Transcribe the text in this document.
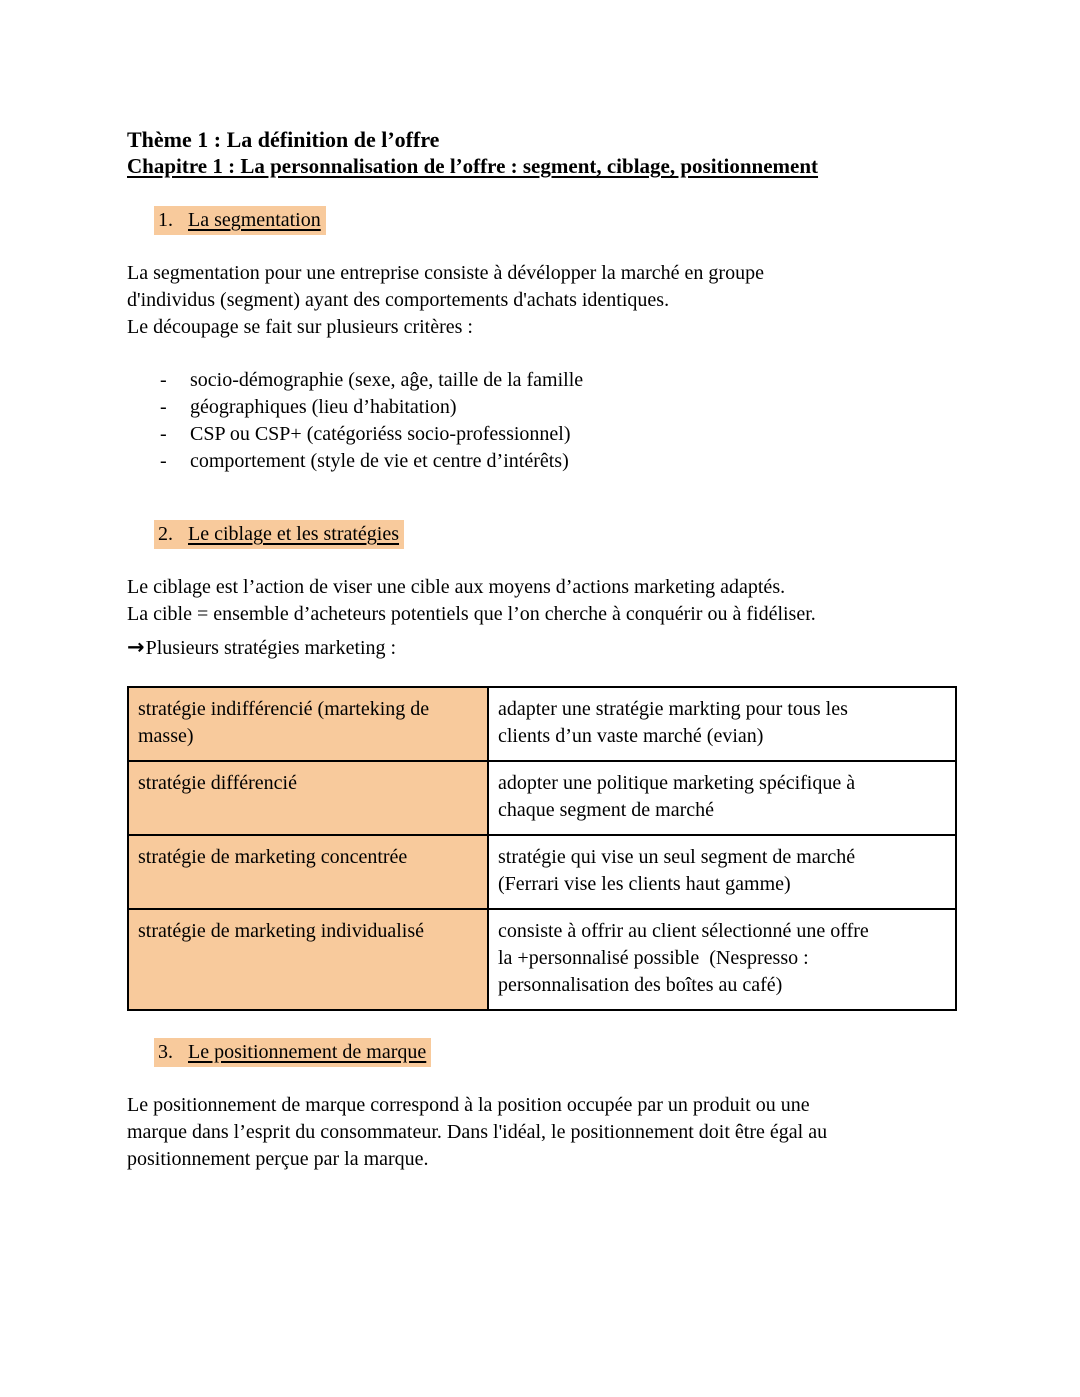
Thème 1 : La définition de l’offre
Chapitre 1 : La personnalisation de l’offre : segment, ciblage, positionnement
1. La segmentation
La segmentation pour une entreprise consiste à dévélopper la marché en groupe
d'individus (segment) ayant des comportements d'achats identiques.
Le découpage se fait sur plusieurs critères :
- socio-démographie (sexe, aĝe, taille de la famille
- géographiques (lieu d’habitation)
- CSP ou CSP+ (catégoriéss socio-professionnel)
- comportement (style de vie et centre d’intérêts)
2. Le ciblage et les stratégies
Le ciblage est l’action de viser une cible aux moyens d’actions marketing adaptés.
La cible = ensemble d’acheteurs potentiels que l’on cherche à conquérir ou à fidéliser.
→Plusieurs stratégies marketing :
stratégie indifférencié (marteking de
masse)	adapter une stratégie markting pour tous les
clients d’un vaste marché (evian)

stratégie différencié	adopter une politique marketing spécifique à
chaque segment de marché

stratégie de marketing concentrée	stratégie qui vise un seul segment de marché
(Ferrari vise les clients haut gamme)

stratégie de marketing individualisé	consiste à offrir au client sélectionné une offre
la +personnalisé possible  (Nespresso :
personnalisation des boîtes au café)
3. Le positionnement de marque
Le positionnement de marque correspond à la position occupée par un produit ou une
marque dans l’esprit du consommateur. Dans l'idéal, le positionnement doit être égal au
positionnement perçue par la marque.
